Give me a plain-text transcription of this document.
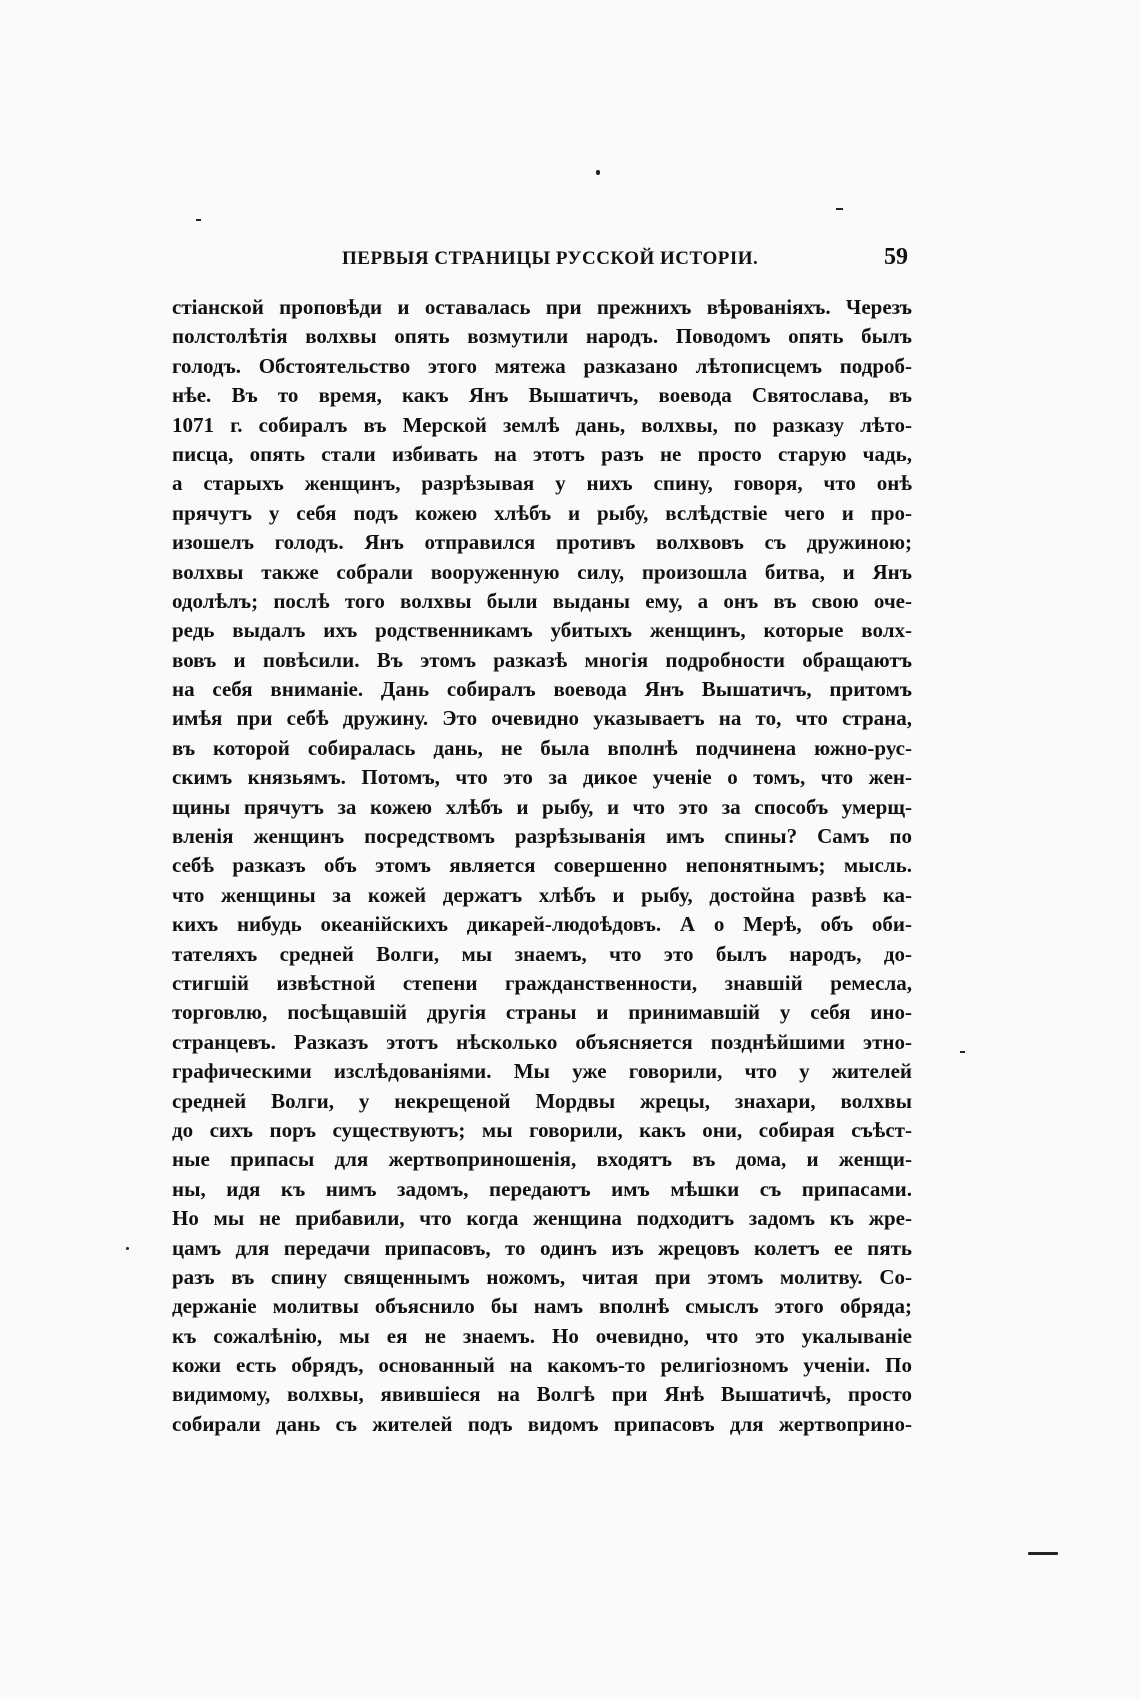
ПЕРВЫЯ СТРАНИЦЫ РУССКОЙ ИСТОРІИ.	59
стіанской проповѣди и оставалась при прежнихъ вѣрованіяхъ. Черезъ
полстолѣтія волхвы опять возмутили народъ. Поводомъ опять былъ
голодъ. Обстоятельство этого мятежа разказано лѣтописцемъ подроб-
нѣе. Въ то время, какъ Янъ Вышатичъ, воевода Святослава, въ
1071 г. собиралъ въ Мерской землѣ дань, волхвы, по разказу лѣто-
писца, опять стали избивать на этотъ разъ не просто старую чадь,
а старыхъ женщинъ, разрѣзывая у нихъ спину, говоря, что онѣ
прячутъ у себя подъ кожею хлѣбъ и рыбу, вслѣдствіе чего и про-
изошелъ голодъ. Янъ отправился противъ волхвовъ съ дружиною;
волхвы также собрали вооруженную силу, произошла битва, и Янъ
одолѣлъ; послѣ того волхвы были выданы ему, а онъ въ свою оче-
редь выдалъ ихъ родственникамъ убитыхъ женщинъ, которые волх-
вовъ и повѣсили. Въ этомъ разказѣ многія подробности обращаютъ
на себя вниманіе. Дань собиралъ воевода Янъ Вышатичъ, притомъ
имѣя при себѣ дружину. Это очевидно указываетъ на то, что страна,
въ которой собиралась дань, не была вполнѣ подчинена южно-рус-
скимъ князьямъ. Потомъ, что это за дикое ученіе о томъ, что жен-
щины прячутъ за кожею хлѣбъ и рыбу, и что это за способъ умерщ-
вленія женщинъ посредствомъ разрѣзыванія имъ спины? Самъ по
себѣ разказъ объ этомъ является совершенно непонятнымъ; мысль.
что женщины за кожей держатъ хлѣбъ и рыбу, достойна развѣ ка-
кихъ нибудь океанійскихъ дикарей-людоѣдовъ. А о Мерѣ, объ оби-
тателяхъ средней Волги, мы знаемъ, что это былъ народъ, до-
стигшій извѣстной степени гражданственности, знавшій ремесла,
торговлю, посѣщавшій другія страны и принимавшій у себя ино-
странцевъ. Разказъ этотъ нѣсколько объясняется позднѣйшими этно-
графическими изслѣдованіями. Мы уже говорили, что у жителей
средней Волги, у некрещеной Мордвы жрецы, знахари, волхвы
до сихъ поръ существуютъ; мы говорили, какъ они, собирая съѣст-
ные припасы для жертвоприношенія, входятъ въ дома, и женщи-
ны, идя къ нимъ задомъ, передаютъ имъ мѣшки съ припасами.
Но мы не прибавили, что когда женщина подходитъ задомъ къ жре-
цамъ для передачи припасовъ, то одинъ изъ жрецовъ колетъ ее пять
разъ въ спину священнымъ ножомъ, читая при этомъ молитву. Со-
держаніе молитвы объяснило бы намъ вполнѣ смыслъ этого обряда;
къ сожалѣнію, мы ея не знаемъ. Но очевидно, что это укалываніе
кожи есть обрядъ, основанный на какомъ-то религіозномъ ученіи. По
видимому, волхвы, явившіеся на Волгѣ при Янѣ Вышатичѣ, просто
собирали дань съ жителей подъ видомъ припасовъ для жертвоприно-
